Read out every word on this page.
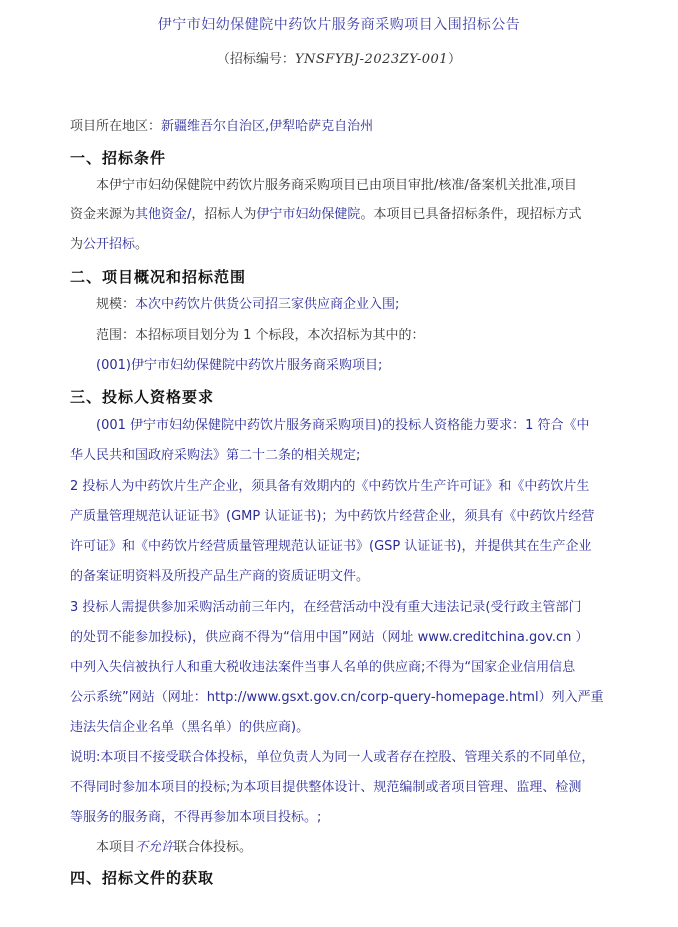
伊宁市妇幼保健院中药饮片服务商采购项目入围招标公告
（招标编号：YNSFYBJ-2023ZY-001）
项目所在地区：新疆维吾尔自治区,伊犁哈萨克自治州
一、招标条件
本伊宁市妇幼保健院中药饮片服务商采购项目已由项目审批/核准/备案机关批准,项目
资金来源为其他资金/，招标人为伊宁市妇幼保健院。本项目已具备招标条件，现招标方式
为公开招标。
二、项目概况和招标范围
规模：本次中药饮片供货公司招三家供应商企业入围;
范围：本招标项目划分为 1 个标段，本次招标为其中的：
(001)伊宁市妇幼保健院中药饮片服务商采购项目;
三、投标人资格要求
(001 伊宁市妇幼保健院中药饮片服务商采购项目)的投标人资格能力要求：1 符合《中
华人民共和国政府采购法》第二十二条的相关规定;
2 投标人为中药饮片生产企业，须具备有效期内的《中药饮片生产许可证》和《中药饮片生
产质量管理规范认证证书》(GMP 认证证书)；为中药饮片经营企业，须具有《中药饮片经营
许可证》和《中药饮片经营质量管理规范认证证书》(GSP 认证证书)，并提供其在生产企业
的备案证明资料及所投产品生产商的资质证明文件。
3 投标人需提供参加采购活动前三年内，在经营活动中没有重大违法记录(受行政主管部门
的处罚不能参加投标)，供应商不得为“信用中国”网站（网址 www.creditchina.gov.cn ）
中列入失信被执行人和重大税收违法案件当事人名单的供应商;不得为“国家企业信用信息
公示系统”网站（网址：http://www.gsxt.gov.cn/corp-query-homepage.html）列入严重
违法失信企业名单（黑名单）的供应商)。
说明:本项目不接受联合体投标，单位负责人为同一人或者存在控股、管理关系的不同单位，
不得同时参加本项目的投标;为本项目提供整体设计、规范编制或者项目管理、监理、检测
等服务的服务商，不得再参加本项目投标。;
本项目不允许联合体投标。
四、招标文件的获取
